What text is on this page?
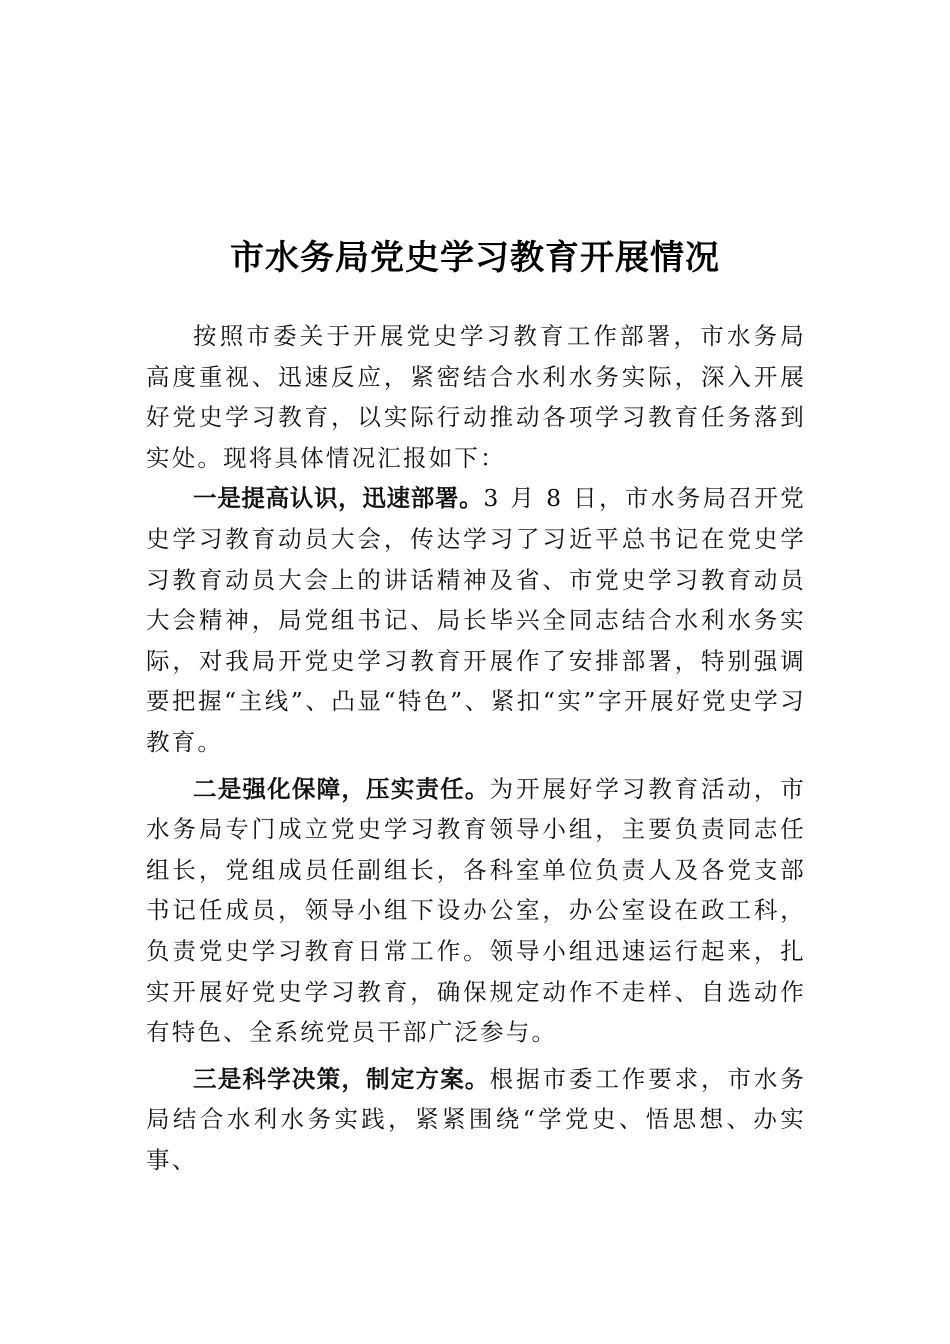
市水务局党史学习教育开展情况

按照市委关于开展党史学习教育工作部署，市水务局高度重视、迅速反应，紧密结合水利水务实际，深入开展好党史学习教育，以实际行动推动各项学习教育任务落到实处。现将具体情况汇报如下：

一是提高认识，迅速部署。3 月 8 日，市水务局召开党史学习教育动员大会，传达学习了习近平总书记在党史学习教育动员大会上的讲话精神及省、市党史学习教育动员大会精神，局党组书记、局长毕兴全同志结合水利水务实际，对我局开党史学习教育开展作了安排部署，特别强调要把握“主线”、凸显“特色”、紧扣“实”字开展好党史学习教育。

二是强化保障，压实责任。为开展好学习教育活动，市水务局专门成立党史学习教育领导小组，主要负责同志任组长，党组成员任副组长，各科室单位负责人及各党支部书记任成员，领导小组下设办公室，办公室设在政工科，负责党史学习教育日常工作。领导小组迅速运行起来，扎实开展好党史学习教育，确保规定动作不走样、自选动作有特色、全系统党员干部广泛参与。

三是科学决策，制定方案。根据市委工作要求，市水务局结合水利水务实践，紧紧围绕“学党史、悟思想、办实事、
